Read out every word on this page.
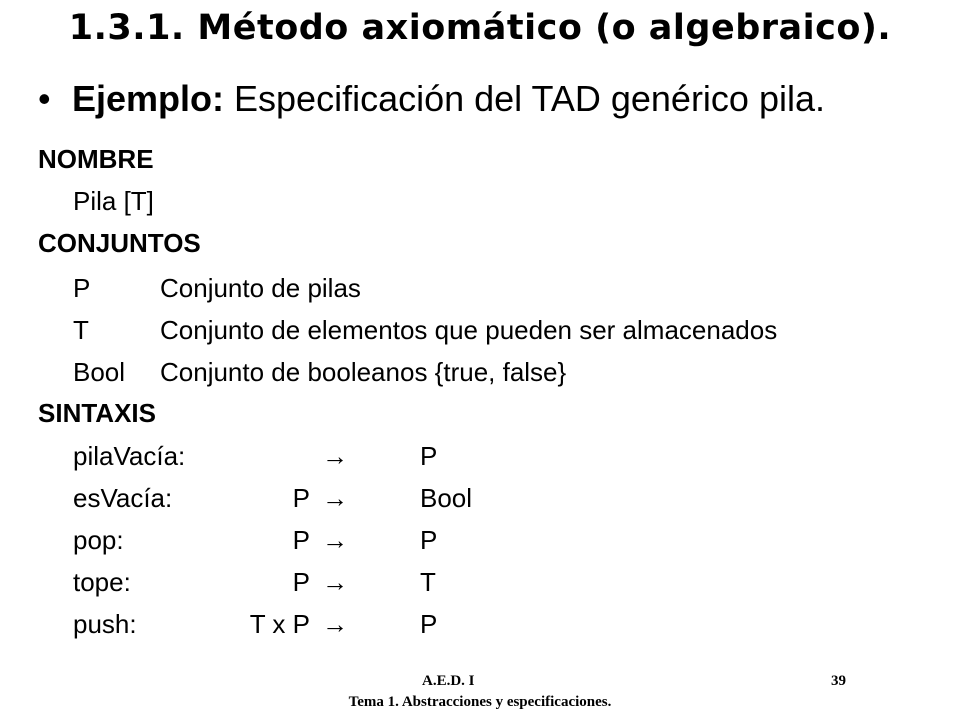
1.3.1. Método axiomático (o algebraico).
• Ejemplo: Especificación del TAD genérico pila.
NOMBRE
Pila [T]
CONJUNTOS
P	Conjunto de pilas
T	Conjunto de elementos que pueden ser almacenados
Bool Conjunto de booleanos {true, false}
SINTAXIS
pilaVacía:	→	P
esVacía:	P →	Bool
pop:	P →	P
tope:	P →	T
push:	T x P →	P
A.E.D. I	39
Tema 1. Abstracciones y especificaciones.
